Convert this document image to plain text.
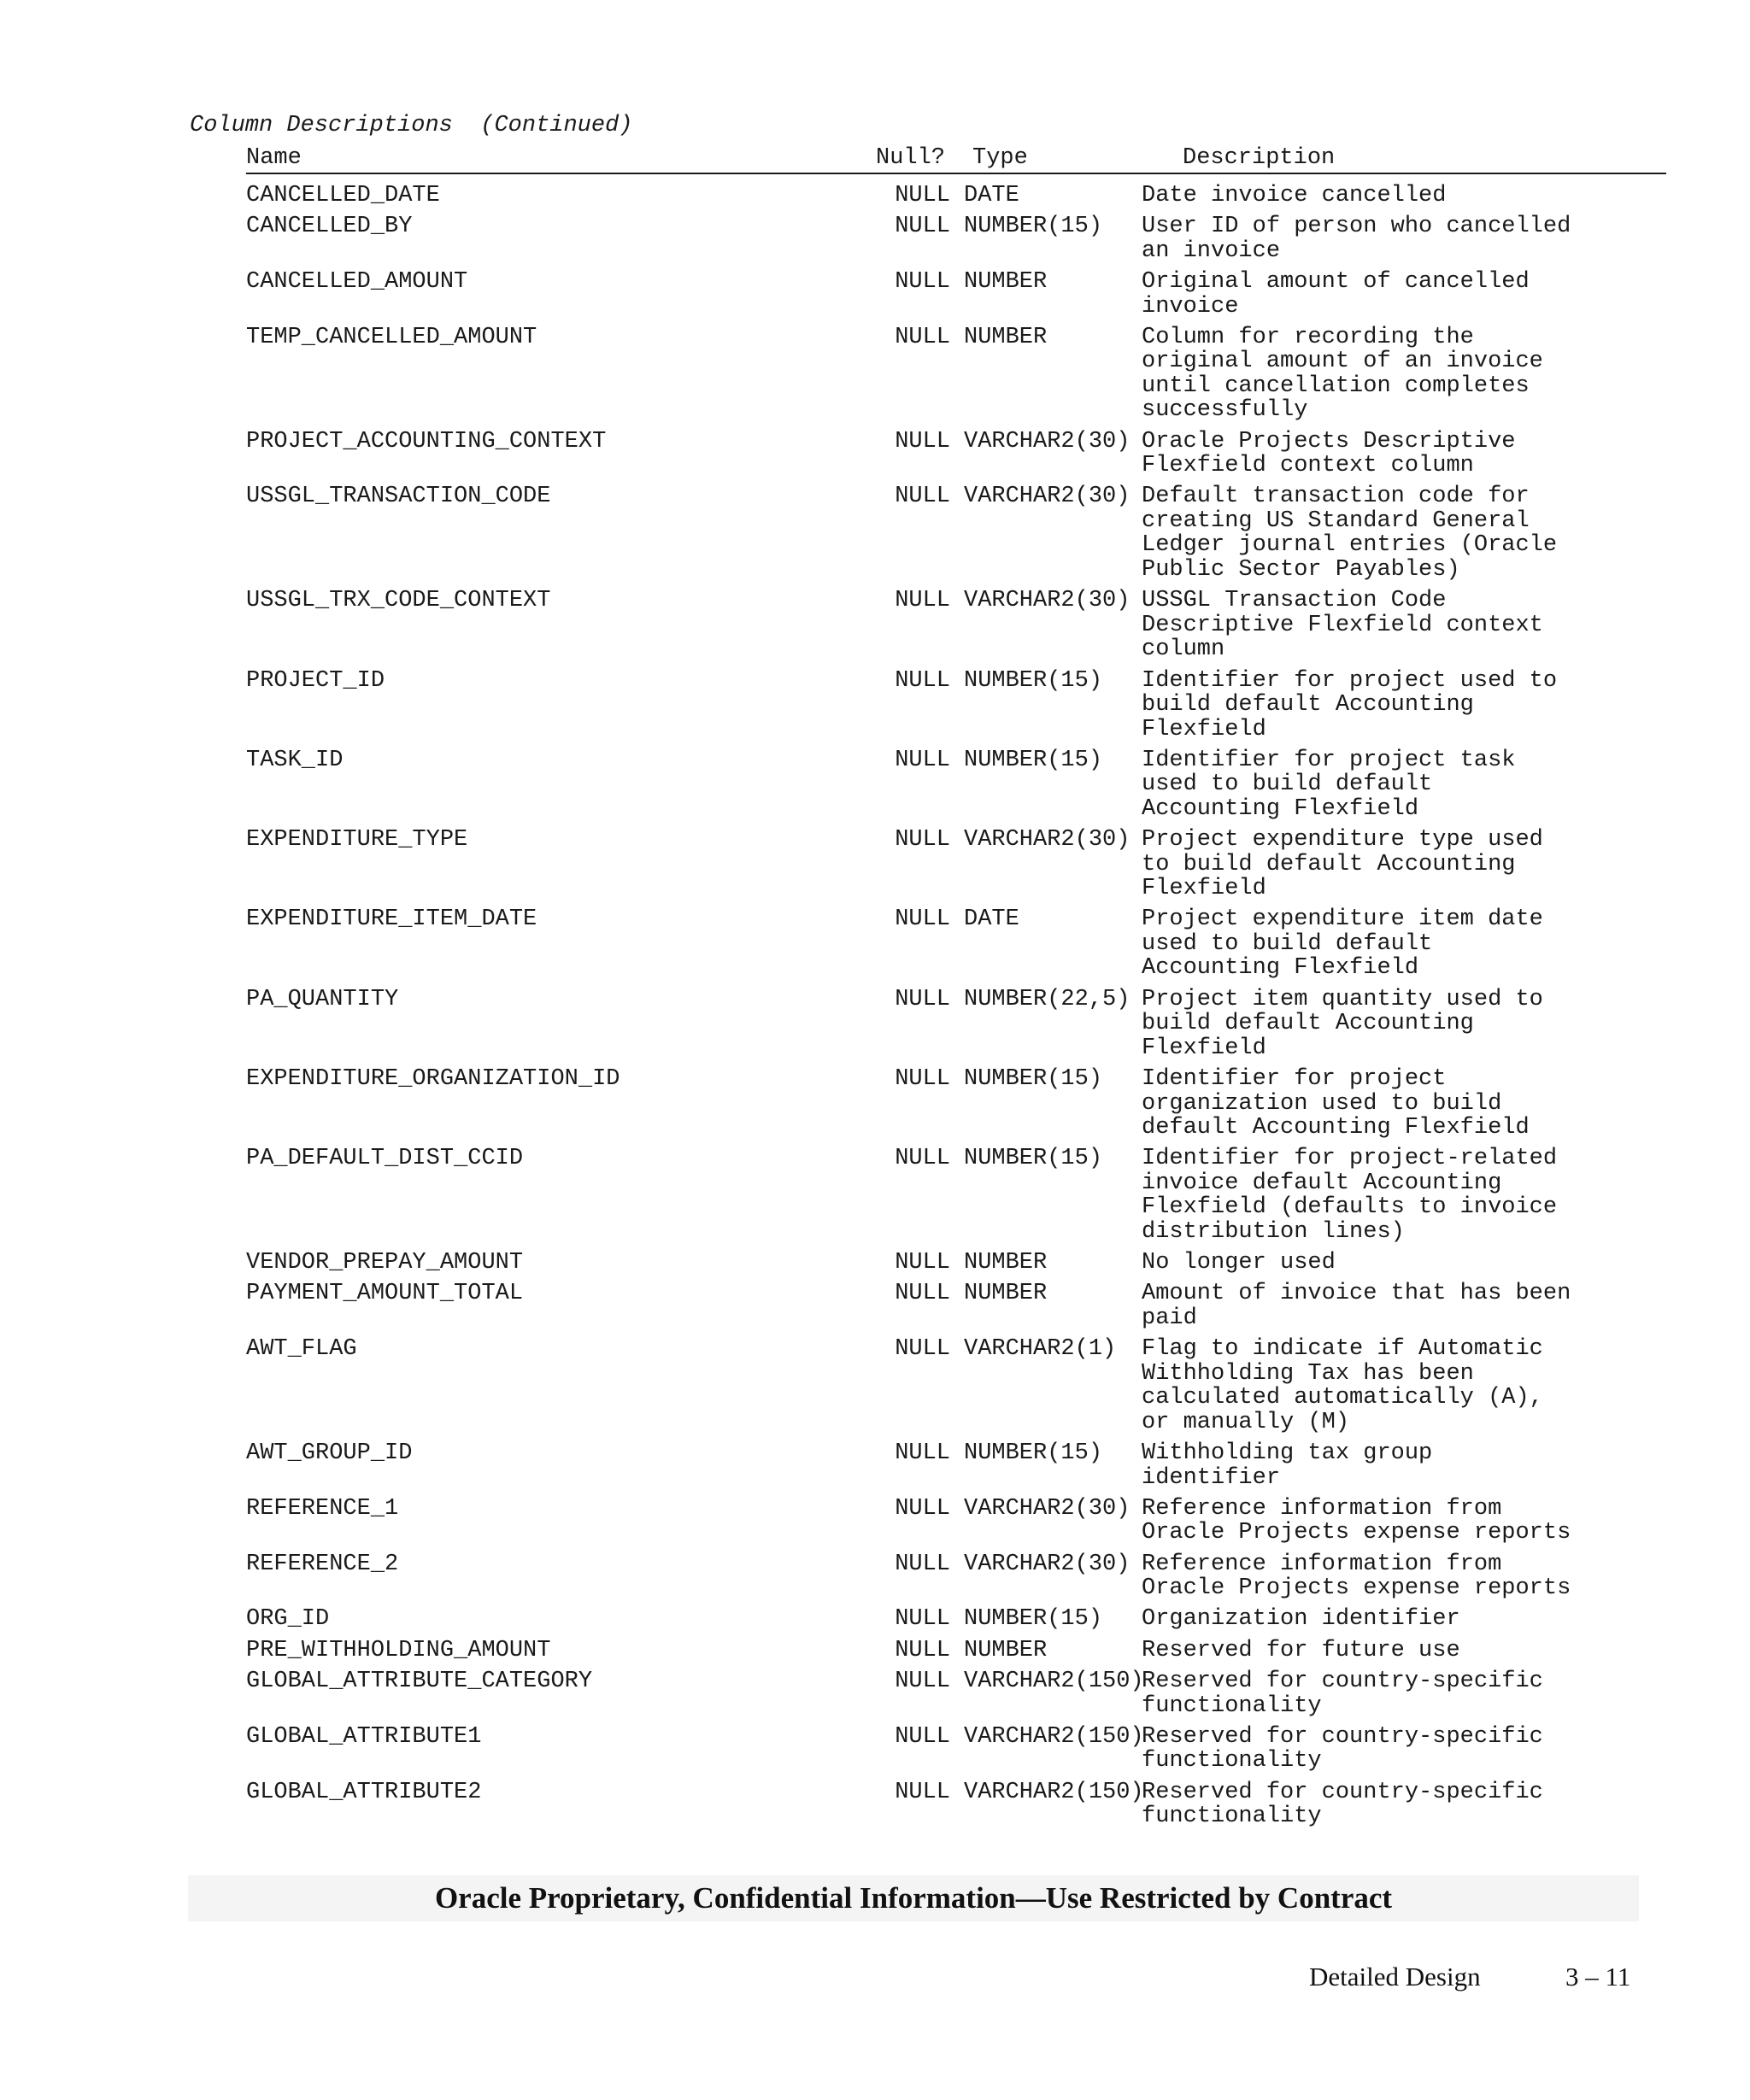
Column Descriptions  (Continued)
Name	Null? Type	Description
CANCELLED_DATE	NULL DATE	Date invoice cancelled
CANCELLED_BY	NULL NUMBER(15)	User ID of person who cancelled
an invoice
CANCELLED_AMOUNT	NULL NUMBER	Original amount of cancelled
invoice
TEMP_CANCELLED_AMOUNT	NULL NUMBER	Column for recording the
original amount of an invoice
until cancellation completes
successfully
PROJECT_ACCOUNTING_CONTEXT	NULL VARCHAR2(30) Oracle Projects Descriptive
Flexfield context column
USSGL_TRANSACTION_CODE	NULL VARCHAR2(30) Default transaction code for
creating US Standard General
Ledger journal entries (Oracle
Public Sector Payables)
USSGL_TRX_CODE_CONTEXT	NULL VARCHAR2(30) USSGL Transaction Code
Descriptive Flexfield context
column
PROJECT_ID	NULL NUMBER(15)	Identifier for project used to
build default Accounting
Flexfield
TASK_ID	NULL NUMBER(15)	Identifier for project task
used to build default
Accounting Flexfield
EXPENDITURE_TYPE	NULL VARCHAR2(30) Project expenditure type used
to build default Accounting
Flexfield
EXPENDITURE_ITEM_DATE	NULL DATE	Project expenditure item date
used to build default
Accounting Flexfield
PA_QUANTITY	NULL NUMBER(22,5) Project item quantity used to
build default Accounting
Flexfield
EXPENDITURE_ORGANIZATION_ID	NULL NUMBER(15)	Identifier for project
organization used to build
default Accounting Flexfield
PA_DEFAULT_DIST_CCID	NULL NUMBER(15)	Identifier for project-related
invoice default Accounting
Flexfield (defaults to invoice
distribution lines)
VENDOR_PREPAY_AMOUNT	NULL NUMBER	No longer used
PAYMENT_AMOUNT_TOTAL	NULL NUMBER	Amount of invoice that has been
paid
AWT_FLAG	NULL VARCHAR2(1)	Flag to indicate if Automatic
Withholding Tax has been
calculated automatically (A),
or manually (M)
AWT_GROUP_ID	NULL NUMBER(15)	Withholding tax group
identifier
REFERENCE_1	NULL VARCHAR2(30) Reference information from
Oracle Projects expense reports
REFERENCE_2	NULL VARCHAR2(30) Reference information from
Oracle Projects expense reports
ORG_ID	NULL NUMBER(15)	Organization identifier
PRE_WITHHOLDING_AMOUNT	NULL NUMBER	Reserved for future use
GLOBAL_ATTRIBUTE_CATEGORY	NULL VARCHAR2(150)
Reserved for country-specific
functionality
GLOBAL_ATTRIBUTE1	NULL VARCHAR2(150)
Reserved for country-specific
functionality
GLOBAL_ATTRIBUTE2	NULL VARCHAR2(150)
Reserved for country-specific
functionality
Oracle Proprietary, Confidential Information––Use Restricted by Contract
Detailed Design	3 – 11
